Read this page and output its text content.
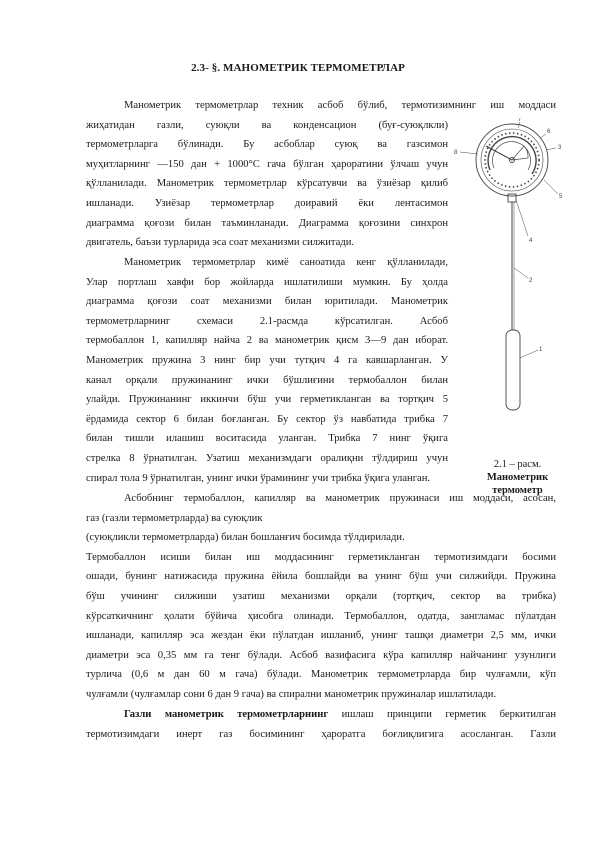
2.3- §. МАНОМЕТРИК ТЕРМОМЕТРЛАР
Манометрик термометрлар техник асбоб бўлиб, термотизимнинг иш моддаси
жиҳатидан газли, суюқли ва конденсацион (буғ-суюқлкли)
термометрларга бўлинади. Бу асбоблар суюқ ва газсимон
муҳитларнинг —150 дан + 1000°С гача бўлган ҳароратини ўлчаш учун
қўлланилади. Манометрик термометрлар кўрсатувчи ва ўзиёзар қилиб
ишланади. Узиёзар термометрлар доиравий ёки лентасимон
диаграмма қоғози билан таъминланади. Диаграмма қоғозини синхрон
двигатель, баъзи турларида эса соат механизми силжитади.
Манометрик термометрлар кимё саноатида кенг қўлланилади,
Улар портлаш хавфи бор жойларда ишлатилиши мумкин. Бу ҳолда
диаграмма қоғози соат механизми билан юритилади. Манометрик
термометрларнинг схемаси 2.1-расмда кўрсатилган. Асбоб
термобаллон 1, капилляр найча 2 ва манометрик қисм 3—9 дан иборат.
Манометрик пружина 3 нинг бир учи тутқич 4 га кавшарланган. У
канал орқали пружинанинг ички бўшлиғини термобаллон билан
улайди. Пружинанинг иккинчи бўш учи герметикланган ва тортқич 5
ёрдамида сектор 6 билан боғланган. Бу сектор ўз навбатида трибка 7
билан тишли илашиш воситасида уланган. Трибка 7 нинг ўқига
стрелка 8 ўрнатилган. Узатиш механизмдаги оралиқни тўлдириш учун
спирал тола 9 ўрнатилган, унинг ички ўрамининг учи трибка ўқига уланган.
Асбобнинг термобаллон, капилляр ва манометрик пружинаси иш моддаси, асосан,
газ (газли термометрларда) ва суюқлик
(суюқликли термометрларда) билан бошланғич босимда тўлдирилади.
Термобаллон исиши билан иш моддасининг герметикланган термотизимдаги босими
ошади, бунинг натижасида пружина ёйила бошлайди ва унинг бўш учи силжийди. Пружина
бўш учининг силжиши узатиш механизми орқали (тортқич, сектор ва трибка)
кўрсаткичнинг ҳолати бўйича ҳисобга олинади. Термобаллон, одатда, зангламас пўлатдан
ишланади, капилляр эса жездан ёки пўлатдан ишланиб, унинг ташқи диаметри 2,5 мм, ички
диаметри эса 0,35 мм га тенг бўлади. Асбоб вазифасига кўра капилляр найчанинг узунлиги
турлича (0,6 м дан 60 м гача) бўлади. Манометрик термометрларда бир чулғамли, кўп
чулғамли (чулғамлар сони 6 дан 9 гача) ва спирални манометрик пружиналар ишлатилади.
Газли манометрик термометрларнинг ишлаш принципи герметик беркитилган
термотизимдаги инерт газ босимининг ҳароратга боғлиқлигига асосланган. Газли
7
6
3
8
5
4
2
1
2.1 – расм.
Манометрик
термометр
